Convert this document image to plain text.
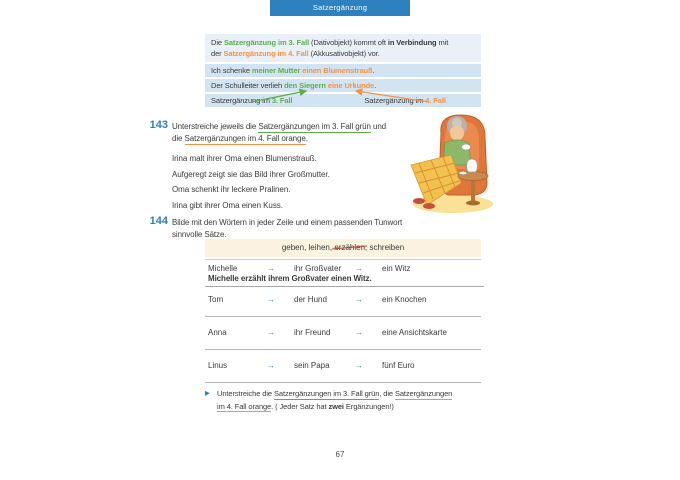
Satzergänzung
Die Satzergänzung im 3. Fall (Dativobjekt) kommt oft in Verbindung mit
der Satzergänzung im 4. Fall (Akkusativobjekt) vor.
Ich schenke meiner Mutter einen Blumenstrauß.
Der Schulleiter verlieh den Siegern eine Urkunde.
Satzergänzung im 3. Fall	Satzergänzung im 4. Fall
143 Unterstreiche jeweils die Satzergänzungen im 3. Fall grün und
die Satzergänzungen im 4. Fall orange.
Irina malt ihrer Oma einen Blumenstrauß.
Aufgeregt zeigt sie das Bild ihrer Großmutter.
Oma schenkt ihr leckere Pralinen.
Irina gibt ihrer Oma einen Kuss.
144 Bilde mit den Wörtern in jeder Zeile und einem passenden Tunwort
sinnvolle Sätze.
geben, leihen, erzählen, schreiben
Michelle	→ ihr Großvater → ein Witz
Michelle erzählt ihrem Großvater einen Witz.
Tom	→ der Hund	→ ein Knochen
Anna	→ ihr Freund	→ eine Ansichtskarte
Linus	→ sein Papa	→ fünf Euro
▶ Unterstreiche die Satzergänzungen im 3. Fall grün, die Satzergänzungen
im 4. Fall orange. ( Jeder Satz hat zwei Ergänzungen!)
67
